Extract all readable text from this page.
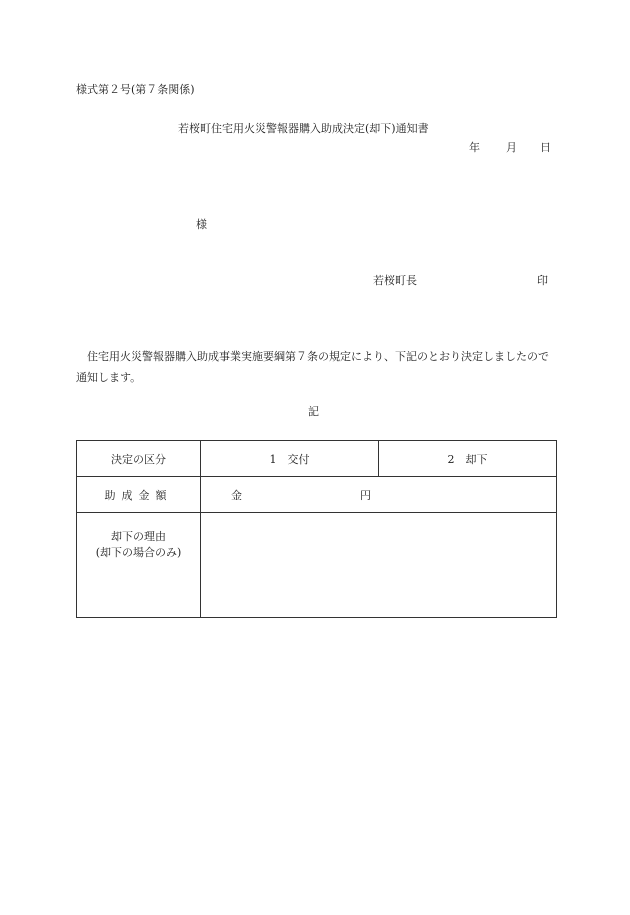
様式第２号(第７条関係)
若桜町住宅用火災警報器購入助成決定(却下)通知書
年 月 日
様
若桜町長	印
住宅用火災警報器購入助成事業実施要綱第７条の規定により、下記のとおり決定しましたので通知します。
記
決定の区分	1　交付	2　却下
助成金額	金 円	

却下の理由
(却下の場合のみ)		
